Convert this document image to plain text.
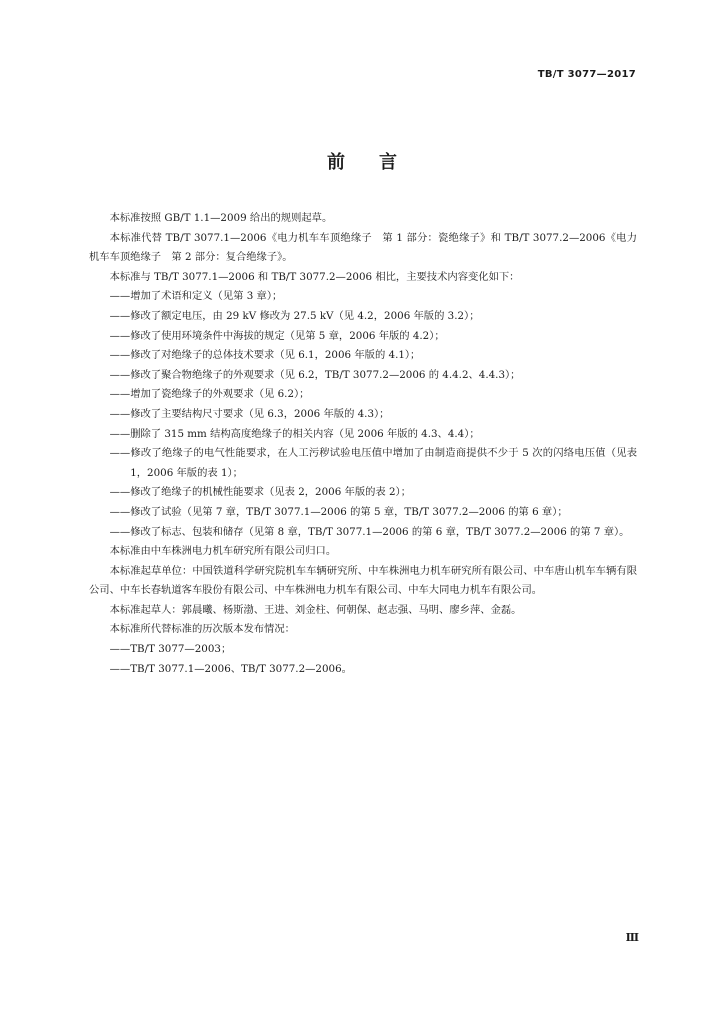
TB/T 3077—2017
前言

本标准按照 GB/T 1.1—2009 给出的规则起草。

本标准代替 TB/T 3077.1—2006《电力机车车顶绝缘子　第 1 部分：瓷绝缘子》和 TB/T 3077.2—2006《电力机车车顶绝缘子　第 2 部分：复合绝缘子》。

本标准与 TB/T 3077.1—2006 和 TB/T 3077.2—2006 相比，主要技术内容变化如下：

——增加了术语和定义（见第 3 章）；

——修改了额定电压，由 29 kV 修改为 27.5 kV（见 4.2，2006 年版的 3.2）；

——修改了使用环境条件中海拔的规定（见第 5 章，2006 年版的 4.2）；

——修改了对绝缘子的总体技术要求（见 6.1，2006 年版的 4.1）；

——修改了聚合物绝缘子的外观要求（见 6.2，TB/T 3077.2—2006 的 4.4.2、4.4.3）；

——增加了瓷绝缘子的外观要求（见 6.2）；

——修改了主要结构尺寸要求（见 6.3，2006 年版的 4.3）；

——删除了 315 mm 结构高度绝缘子的相关内容（见 2006 年版的 4.3、4.4）；

——修改了绝缘子的电气性能要求，在人工污秽试验电压值中增加了由制造商提供不少于 5 次的闪络电压值（见表 1，2006 年版的表 1）；

——修改了绝缘子的机械性能要求（见表 2，2006 年版的表 2）；

——修改了试验（见第 7 章，TB/T 3077.1—2006 的第 5 章，TB/T 3077.2—2006 的第 6 章）；

——修改了标志、包装和储存（见第 8 章，TB/T 3077.1—2006 的第 6 章，TB/T 3077.2—2006 的第 7 章）。

本标准由中车株洲电力机车研究所有限公司归口。

本标准起草单位：中国铁道科学研究院机车车辆研究所、中车株洲电力机车研究所有限公司、中车唐山机车车辆有限公司、中车长春轨道客车股份有限公司、中车株洲电力机车有限公司、中车大同电力机车有限公司。

本标准起草人：郭晨曦、杨斯渤、王进、刘金柱、何朝保、赵志强、马明、廖乡萍、金磊。

本标准所代替标准的历次版本发布情况：

——TB/T 3077—2003；

——TB/T 3077.1—2006、TB/T 3077.2—2006。

Ⅲ
